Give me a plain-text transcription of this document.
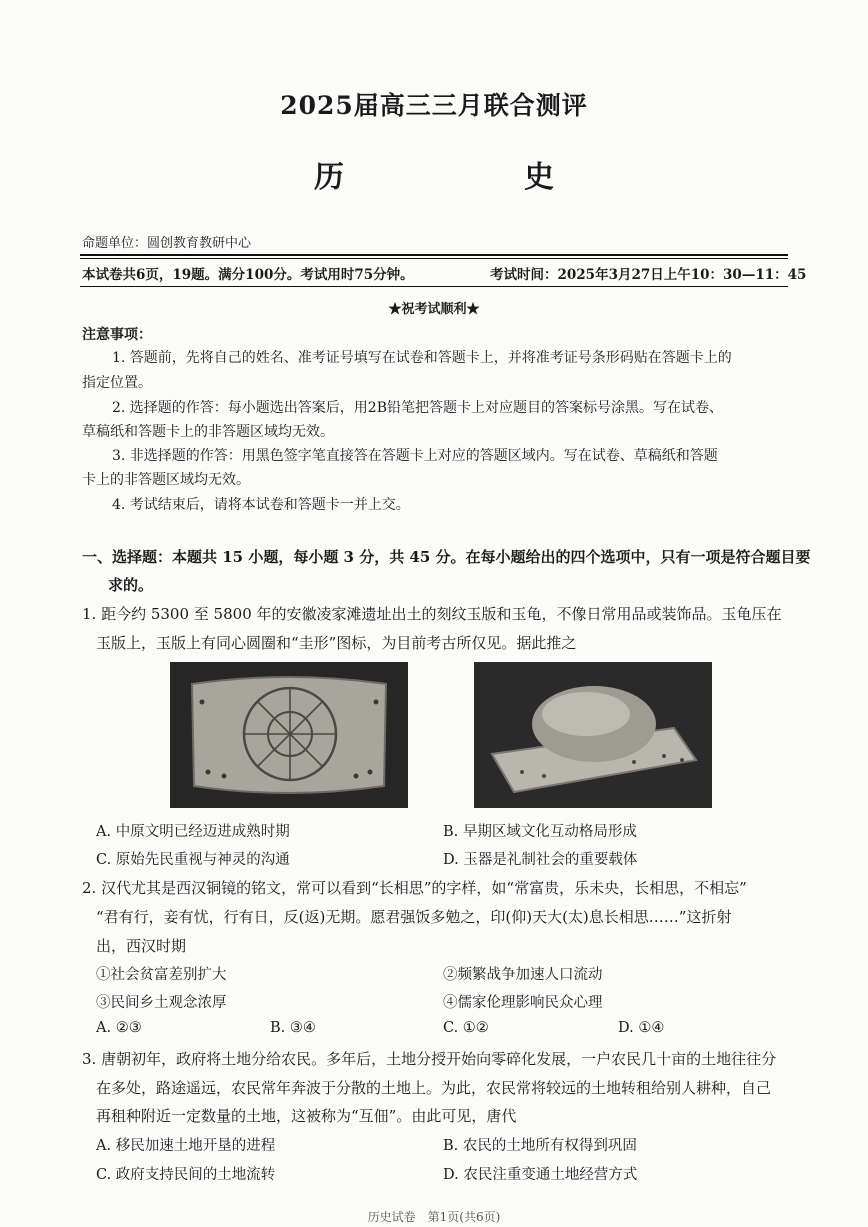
2025届高三三月联合测评
历　　史
命题单位：圆创教育教研中心
本试卷共6页，19题。满分100分。考试用时75分钟。	考试时间：2025年3月27日上午10：30—11：45
★祝考试顺利★
注意事项：
1. 答题前，先将自己的姓名、准考证号填写在试卷和答题卡上，并将准考证号条形码贴在答题卡上的
指定位置。
2. 选择题的作答：每小题选出答案后，用2B铅笔把答题卡上对应题目的答案标号涂黑。写在试卷、
草稿纸和答题卡上的非答题区域均无效。
3. 非选择题的作答：用黑色签字笔直接答在答题卡上对应的答题区域内。写在试卷、草稿纸和答题
卡上的非答题区域均无效。
4. 考试结束后，请将本试卷和答题卡一并上交。
一、选择题：本题共 15 小题，每小题 3 分，共 45 分。在每小题给出的四个选项中，只有一项是符合题目要
求的。
1. 距今约 5300 至 5800 年的安徽凌家滩遗址出土的刻纹玉版和玉龟，不像日常用品或装饰品。玉龟压在
玉版上，玉版上有同心圆圈和“圭形”图标，为目前考古所仅见。据此推之
A. 中原文明已经迈进成熟时期	B. 早期区域文化互动格局形成
C. 原始先民重视与神灵的沟通	D. 玉器是礼制社会的重要载体
2. 汉代尤其是西汉铜镜的铭文，常可以看到“长相思”的字样，如“常富贵，乐未央，长相思，不相忘”
“君有行，妾有忧，行有日，反(返)无期。愿君强饭多勉之，印(仰)天大(太)息长相思……”这折射
出，西汉时期
①社会贫富差别扩大	②频繁战争加速人口流动
③民间乡土观念浓厚	④儒家伦理影响民众心理
A. ②③	B. ③④	C. ①②	D. ①④
3. 唐朝初年，政府将土地分给农民。多年后，土地分授开始向零碎化发展，一户农民几十亩的土地往往分
在多处，路途遥远，农民常年奔波于分散的土地上。为此，农民常将较远的土地转租给别人耕种，自己
再租种附近一定数量的土地，这被称为“互佃”。由此可见，唐代
A. 移民加速土地开垦的进程	B. 农民的土地所有权得到巩固
C. 政府支持民间的土地流转	D. 农民注重变通土地经营方式
历史试卷　第1页(共6页)
